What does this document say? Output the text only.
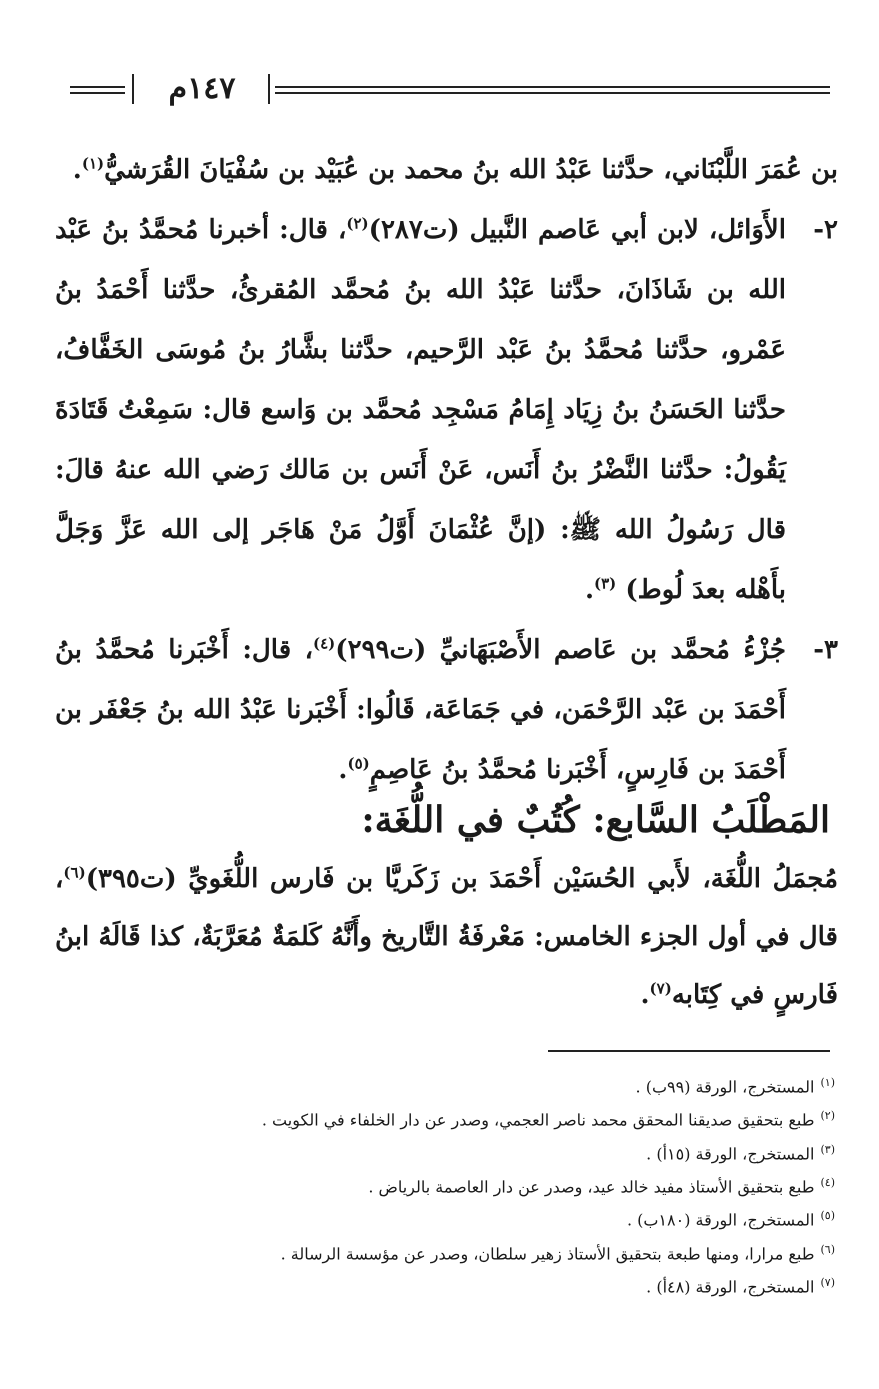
١٤٧م

بن عُمَرَ اللَّبْنَاني، حدَّثنا عَبْدُ الله بنُ محمد بن عُبَيْد بن سُفْيَانَ القُرَشيُّ$^{(١)}$.

٢-
الأَوَائل، لابن أبي عَاصم النَّبيل (ت٢٨٧)$^{(٢)}$، قال: أخبرنا مُحمَّدُ بنُ عَبْد الله بن شَاذَانَ، حدَّثنا عَبْدُ الله بنُ مُحمَّد المُقرئُ، حدَّثنا أَحْمَدُ بنُ عَمْرو، حدَّثنا مُحمَّدُ بنُ عَبْد الرَّحيم، حدَّثنا بشَّارُ بنُ مُوسَى الخَفَّافُ، حدَّثنا الحَسَنُ بنُ زِيَاد إِمَامُ مَسْجِد مُحمَّد بن وَاسع قال: سَمِعْتُ قَتَادَةَ يَقُولُ: حدَّثنا النَّضْرُ بنُ أَنَس، عَنْ أَنَس بن مَالك رَضي الله عنهُ قالَ: قال رَسُولُ الله ﷺ: (إنَّ عُثْمَانَ أَوَّلُ مَنْ هَاجَر إلى الله عَزَّ وَجَلَّ بأَهْله بعدَ لُوط) $^{(٣)}$.

٣-
جُزْءُ مُحمَّد بن عَاصم الأَصْبَهَانيِّ (ت٢٩٩)$^{(٤)}$، قال: أَخْبَرنا مُحمَّدُ بنُ أَحْمَدَ بن عَبْد الرَّحْمَن، في جَمَاعَة، قَالُوا: أَخْبَرنا عَبْدُ الله بنُ جَعْفَر بن أَحْمَدَ بن فَارِسٍ، أَخْبَرنا مُحمَّدُ بنُ عَاصِمٍ$^{(٥)}$.

المَطْلَبُ السَّابع: كُتُبٌ في اللُّغَة:

مُجمَلُ اللُّغَة، لأَبي الحُسَيْن أَحْمَدَ بن زَكَريَّا بن فَارس اللُّغَويِّ (ت٣٩٥)$^{(٦)}$، قال في أول الجزء الخامس: مَعْرفَةُ التَّاريخ وأَنَّهُ كَلمَةٌ مُعَرَّبَةٌ، كذا قَالَهُ ابنُ فَارسٍ في كِتَابه$^{(٧)}$.

$^{(١)}$المستخرج، الورقة (٩٩ب) .
$^{(٢)}$طبع بتحقيق صديقنا المحقق محمد ناصر العجمي، وصدر عن دار الخلفاء في الكويت .
$^{(٣)}$المستخرج، الورقة (١٥أ) .
$^{(٤)}$طبع بتحقيق الأستاذ مفيد خالد عيد، وصدر عن دار العاصمة بالرياض .
$^{(٥)}$المستخرج، الورقة (١٨٠ب) .
$^{(٦)}$طبع مرارا، ومنها طبعة بتحقيق الأستاذ زهير سلطان، وصدر عن مؤسسة الرسالة .
$^{(٧)}$المستخرج، الورقة (٤٨أ) .
